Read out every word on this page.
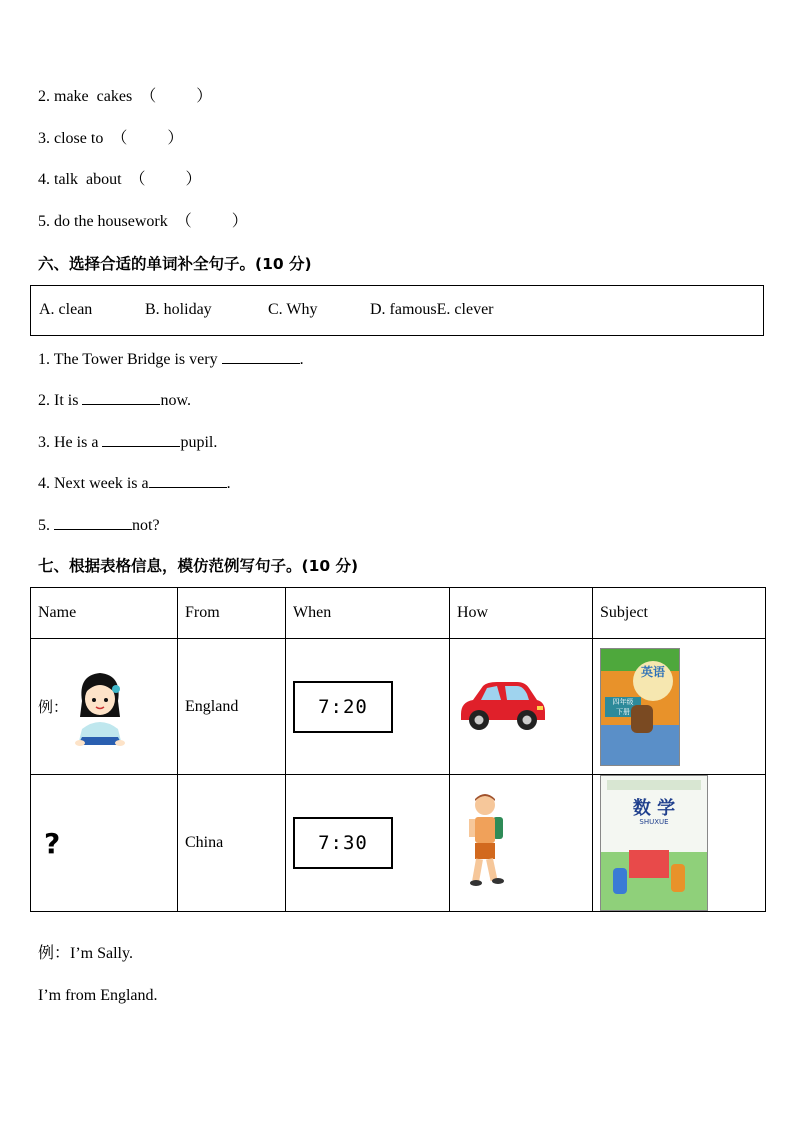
2. make  cakes  （          ）
3. close to  （          ）
4. talk  about  （          ）
5. do the housework  （          ）
六、选择合适的单词补全句子。(10 分)
A. clean	B. holiday	C. Why	D. famousE. clever
1. The Tower Bridge is very	.
2. It is	now.
3. He is a	pupil.
4. Next week is a	.
5.	not?
七、根据表格信息，模仿范例写句子。(10 分)
Name	From	When	How	Subject

例：	England	7:20		英语
四年级
下册

?	China	7:30		数 学
SHUXUE
例：I’m Sally.
I’m from England.
